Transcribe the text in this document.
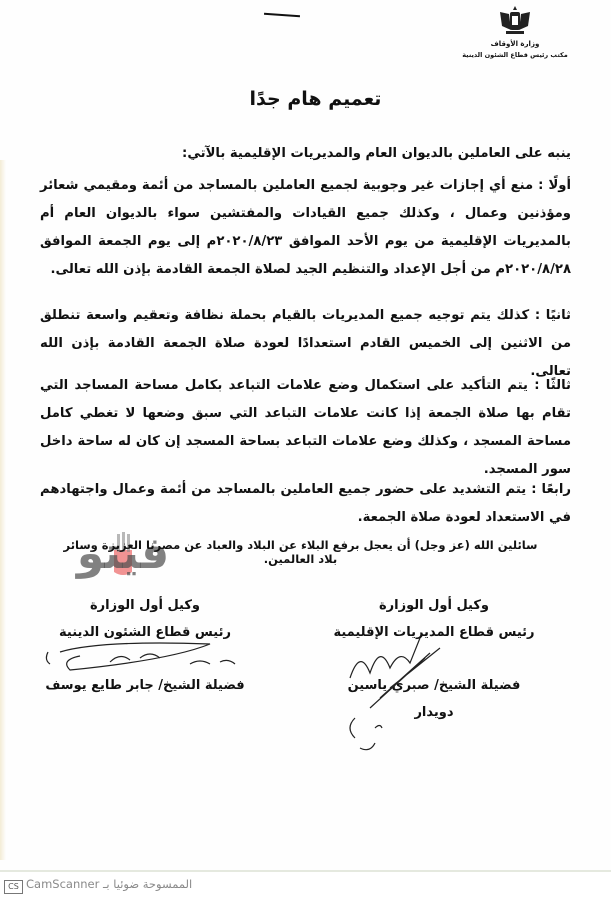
وزارة الأوقاف
مكتب رئيس قطاع الشئون الدينية
تعميم هام جدًا
ينبه على العاملين بالديوان العام والمديريات الإقليمية بالآتي:
أولًا : منع أي إجازات غير وجوبية لجميع العاملين بالمساجد من أئمة ومقيمي شعائر ومؤذنين وعمال ، وكذلك جميع القيادات والمفتشين سواء بالديوان العام أم بالمديريات الإقليمية من يوم الأحد الموافق ٢٠٢٠/٨/٢٣م إلى يوم الجمعة الموافق ٢٠٢٠/٨/٢٨م من أجل الإعداد والتنظيم الجيد لصلاة الجمعة القادمة بإذن الله تعالى.
ثانيًا : كذلك يتم توجيه جميع المديريات بالقيام بحملة نظافة وتعقيم واسعة تنطلق من الاثنين إلى الخميس القادم استعدادًا لعودة صلاة الجمعة القادمة بإذن الله تعالى.
ثالثًا : يتم التأكيد على استكمال وضع علامات التباعد بكامل مساحة المساجد التي تقام بها صلاة الجمعة إذا كانت علامات التباعد التي سبق وضعها لا تغطي كامل مساحة المسجد ، وكذلك وضع علامات التباعد بساحة المسجد إن كان له ساحة داخل سور المسجد.
رابعًا : يتم التشديد على حضور جميع العاملين بالمساجد من أئمة وعمال واجتهادهم في الاستعداد لعودة صلاة الجمعة.
فيتو
سائلين الله (عز وجل) أن يعجل برفع البلاء عن البلاد والعباد عن مصرنا العزيزة وسائر بلاد العالمين.
وكيل أول الوزارة
رئيس قطاع المديريات الإقليمية
فضيلة الشيخ/ صبري ياسين دويدار
وكيل أول الوزارة
رئيس قطاع الشئون الدينية
فضيلة الشيخ/ جابر طايع يوسف
CS CamScanner الممسوحة ضوئيا بـ
